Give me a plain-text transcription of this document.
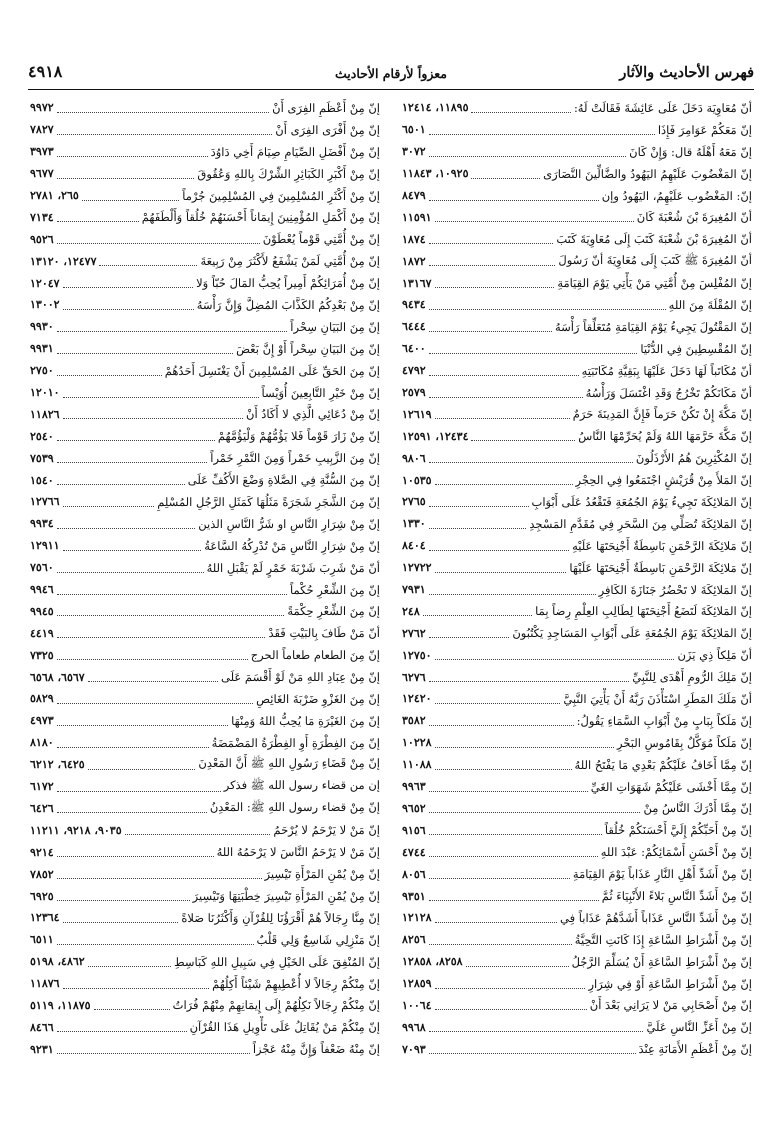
فهرس الأحاديث والآثار
معزواً لأرقام الأحاديث
٤٩١٨
أنّ مُعَاوِيَة دَخَلَ عَلَى عَائِشَةَ فَقَالَتْ لَهُ:
١١٨٩٥، ١٢٤١٤
إنّ مَعَكُمْ عَوَامِرَ فَإِذَا
٦٥٠١
إنّ مَعَهُ أَهْلَهُ قال: وَإِنْ كَانَ
٣٠٧٢
إنّ المَغْضُوبَ عَلَيْهِمُ اليَهُودُ والضَّالِّينَ النَّصَارَى
١٠٩٢٥، ١١٨٤٣
إنّ: المَغْضُوب عَلَيْهِمُ، اليَهُودُ وإن
٨٤٧٩
أنّ المُغِيرَةَ بْنَ شُعْبَةَ كَانَ
١١٥٩١
أنّ المُغِيرَةَ بْنَ شُعْبَةَ كَتَبَ إِلَى مُعَاوِيَةَ كَتَبَ
١٨٧٤
أنّ المُغِيرَةَ ﷺ كَتَبَ إِلَى مُعَاوِيَةَ أنّ رَسُولَ
١٨٧٢
إنّ المُفْلِسَ مِنْ أُمَّتِي مَنْ يَأْتِي يَوْمَ القِيَامَةِ
١٣١٦٧
إنّ المُقْلَةَ مِنَ اللهِ
٩٤٣٤
إنّ المَقْتُولَ يَجِيءُ يَوْمَ القِيَامَةِ مُتَعَلِّقاً رَأْسَهُ
٦٤٤٤
إنّ المُقْسِطِينَ فِي الدُّنْيَا
٦٤٠٠
أنّ مُكَاتَباً لَهَا دَخَلَ عَلَيْهَا بِبَقِيَّةِ مُكَاتَبَتِهِ
٤٧٩٢
أنّ مَكَانَكُمْ تَخْرُجُ وَقَدِ اغْتَسَلَ وَرَأْسُهُ
٢٥٧٩
إنّ مَكَّةَ إِنْ تَكُنْ حَرَماً فَإِنَّ المَدِينَةَ حَرَمٌ
١٢٦١٩
إنّ مَكَّةَ حَرَّمَهَا اللهُ وَلَمْ يُحَرِّمْهَا النَّاسُ
١٢٤٣٤، ١٢٥٩١
إنّ المُكْثِرِينَ هُمُ الأَرْذَلُونَ
٩٨٠٦
إنّ المَلأَ مِنْ قُرَيْشٍ اجْتَمَعُوا فِي الحِجْرِ
١٠٥٣٥
إنّ المَلائِكَةَ تَجِيءُ يَوْمَ الجُمُعَةِ فَتَقْعُدُ عَلَى أَبْوَابِ
٢٧٦٥
إنّ المَلائِكَةَ تُصَلِّي مِنَ السَّحَرِ فِي مُقَدَّمِ المَسْجِدِ
١٣٣٠
إنّ مَلائِكَةَ الرَّحْمَنِ بَاسِطَةٌ أَجْنِحَتَهَا عَلَيْهِ
٨٤٠٤
إنّ مَلائِكَةَ الرَّحْمَنِ بَاسِطَةٌ أَجْنِحَتَهَا عَلَيْهَا
١٢٧٢٢
إنّ المَلائِكَةَ لا تَحْضُرُ جَنَازَةَ الكَافِرِ
٧٩٣١
إنّ المَلائِكَةَ لَتَضَعُ أَجْنِحَتَهَا لِطَالِبِ العِلْمِ رِضاً بِمَا
٢٤٨
إنّ المَلائِكَةَ يَوْمَ الجُمُعَةِ عَلَى أَبْوَابِ المَسَاجِدِ يَكْتُبُونَ
٢٧٦٢
أنّ مَلِكاً ذِي يَزَن
١٢٧٥٠
إنّ مَلِكَ الرُّومِ أَهْدَى لِلنَّبِيِّ
٦٢٧٦
أنّ مَلَكَ المَطَرِ اسْتَأْذَنَ رَبَّهُ أَنْ يَأْتِيَ النَّبِيَّ
١٢٤٢٠
إنّ مَلَكاً بِبَابٍ مِنْ أَبْوَابِ السَّمَاءِ يَقُولُ:
٣٥٨٢
إنّ مَلَكاً مُوَكَّلٌ بِقَامُوسِ البَحْرِ
١٠٢٢٨
إنّ مِمَّا أَخَافُ عَلَيْكُمْ بَعْدِي مَا يَفْتَحُ اللهُ
١١٠٨٨
إنّ مِمَّا أَخْشَى عَلَيْكُمْ شَهَوَاتِ الغَيِّ
٩٩٦٣
إنّ مِمَّا أَدْرَكَ النَّاسُ مِنْ
٩٦٥٢
إنّ مِنْ أَحَبِّكُمْ إِلَيَّ أَحْسَنَكُمْ خُلُقاً
٩١٥٦
إنّ مِنْ أَحْسَنِ أَسْمَائِكُمْ: عَبْدَ اللهِ
٤٧٤٤
إنّ مِنْ أَشَدِّ أَهْلِ النَّارِ عَذَاباً يَوْمَ القِيَامَةِ
٨٠٥٦
إنّ مِنْ أَشَدِّ النَّاسِ بَلاءً الأَنْبِيَاءَ ثُمَّ
٩٣٥١
إنّ مِنْ أَشَدِّ النَّاسِ عَذَاباً أَشَدَّهُمْ عَذَاباً فِي
١٢١٢٨
إنّ مِنْ أَشْرَاطِ السَّاعَةِ إِذَا كَانَتِ التَّحِيَّةُ
٨٢٥٦
إنّ مِنْ أَشْرَاطِ السَّاعَةِ أَنْ يُسَلِّمَ الرَّجُلُ
٨٢٥٨، ١٢٨٥٨
إنّ مِنْ أَشْرَاطِ السَّاعَةِ أَوْ فِي شِرَارِ
١٢٨٥٩
إنّ مِنْ أَصْحَابِي مَنْ لا يَرَانِي بَعْدَ أَنْ
١٠٠٦٤
إنّ مِنْ أَعَزِّ النَّاسِ عَلَيَّ
٩٩٦٨
إنّ مِنْ أَعْظَمِ الأَمَانَةِ عِنْدَ
٧٠٩٣
إنّ مِنْ أَعْظَمِ الفِرَى أَنْ
٩٩٧٢
إنّ مِنْ أَفْرَى الفِرَى أَنْ
٧٨٢٧
إنّ مِنْ أَفْضَلِ الصِّيَامِ صِيَامَ أَخِي دَاوُدَ
٣٩٧٣
إنّ مِنْ أَكْبَرِ الكَبَائِرِ الشِّرْكَ بِاللهِ وَعُقُوقَ
٩٦٧٧
إنّ مِنْ أَكْثَرِ المُسْلِمِينَ فِي المُسْلِمِينَ جُرْماً
٢٦٥، ٢٧٨١
إنّ مِنْ أَكْمَلِ المُؤْمِنِينَ إِيمَاناً أَحْسَنَهُمْ خُلُقاً وَأَلْطَفَهُمْ
٧١٣٤
إنّ مِنْ أُمَّتِي قَوْماً يُعْطَوْنَ
٩٥٢٦
إنّ مِنْ أُمَّتِي لَمَنْ يَشْفَعُ لأَكْثَرَ مِنْ رَبِيعَةَ
١٢٤٧٧، ١٣١٢٠
إنّ مِنْ أُمَرَائِكُمْ أَمِيراً يُحِبُّ المَالَ حُبّاً وَلا
١٢٠٤٧
إنّ مِنْ بَعْدِكُمُ الكَذَّابَ المُضِلَّ وَإِنَّ رَأْسَهُ
١٣٠٠٢
إنّ مِنَ البَيَانِ سِحْراً
٩٩٣٠
إنّ مِنَ البَيَانِ سِحْراً أَوْ إِنَّ بَعْضَ
٩٩٣١
إنّ مِنَ الحَقِّ عَلَى المُسْلِمِينَ أَنْ يَغْتَسِلَ أَحَدُهُمْ
٢٧٥٠
إنّ مِنْ خَيْرِ التَّابِعِينَ أُوَيْساً
١٢٠١٠
إنّ مِنْ دُعَائِي الَّذِي لا أَكَادُ أَنْ
١١٨٢٦
إنّ مِنْ زَارَ قَوْماً فَلا يَؤُمُّهُمْ وَلْيَؤُمَّهُمْ
٢٥٤٠
إنّ مِنَ الزَّبِيبِ خَمْراً وَمِنَ التَّمْرِ خَمْراً
٧٥٣٩
إنّ مِنَ السُّنَّةِ فِي الصَّلاةِ وَضْعَ الأَكُفِّ عَلَى
١٥٤٠
إنّ مِنَ الشَّجَرِ شَجَرَةً مَثَلُهَا كَمَثَلِ الرَّجُلِ المُسْلِمِ
١٢٧٦٦
إنّ مِنْ شِرَارِ النَّاسِ او شَرُّ النَّاسِ الذين
٩٩٣٤
إنّ مِنْ شِرَارِ النَّاسِ مَنْ تُدْرِكُهُ السَّاعَةُ
١٢٩١١
أنّ مَنْ شَرِبَ شَرْبَةَ خَمْرٍ لَمْ يَقْبَلِ اللهُ
٧٥٦٠
إنّ مِنَ الشِّعْرِ حُكْماً
٩٩٤٦
إنّ مِنَ الشِّعْرِ حِكْمَةً
٩٩٤٥
أنّ مَنْ طَافَ بِالبَيْتِ فَقَدْ
٤٤١٩
إنّ مِنَ الطعام طعاماً الحرج
٧٣٢٥
إنّ مِنْ عِبَادِ اللهِ مَنْ لَوْ أَقْسَمَ عَلَى
٦٥٦٧، ٦٥٦٨
إنّ مِنَ الغَزْوِ ضَرْبَةَ الغَائِصِ
٥٨٢٩
إنّ مِنَ الغَيْرَةِ مَا يُحِبُّ اللهُ وَمِنْهَا
٤٩٧٣
إنّ مِنَ الفِطْرَةِ أَوِ الفِطْرَةُ المَضْمَضَةُ
٨١٨٠
إنّ مِنْ قَضَاءِ رَسُولِ اللهِ ﷺ أَنَّ المَعْدِنَ
٦٤٢٥، ٦٢١٢
إن من قضاء رسول الله ﷺ فذكر
٦١٧٢
إنّ مِنْ قضاء رسول اللهِ ﷺ: المَعْدِنُ
٦٤٢٦
إنّ مَنْ لا يَرْحَمُ لا يُرْحَمُ
٩٠٣٥، ٩٢١٨، ١١٢١١
إنّ مَنْ لا يَرْحَمُ النَّاسَ لا يَرْحَمُهُ اللهُ
٩٢١٤
إنّ مِنْ يُمْنِ المَرْأَةِ تَيْسِيرَ
٧٨٥٢
إنّ مِنْ يُمْنِ المَرْأَةِ تَيْسِيرَ خِطْبَتِهَا وَتَيْسِيرَ
٦٩٢٥
إنّ مِنَّا رِجَالاً هُمْ أَقْرَؤُنَا لِلقُرْآنِ وَأَكْثَرُنَا صَلاةً
١٢٣٦٤
إنّ مَنْزِلِي شَاسِعٌ وَلِي قَلْبٌ
٦٥١١
إنّ المُنْفِقَ عَلَى الخَيْلِ فِي سَبِيلِ اللهِ كَبَاسِطِ
٤٨٦٢، ٥١٩٨
إنّ مِنْكُمْ رِجَالاً لا أُعْطِيهِمْ شَيْئاً أَكِلُهُمْ
١١٨٧٦
إنّ مِنْكُمْ رِجَالاً نَكِلُهُمْ إِلَى إِيمَانِهِمْ مِنْهُمْ فُرَاتُ
١١٨٧٥، ٥١١٩
إنّ مِنْكُمْ مَنْ يُقَاتِلُ عَلَى تَأْوِيلِ هَذَا القُرْآنِ
٨٤٦٦
إنّ مِنْهُ ضَعْفاً وَإِنَّ مِنْهُ عَجْزاً
٩٢٣١
